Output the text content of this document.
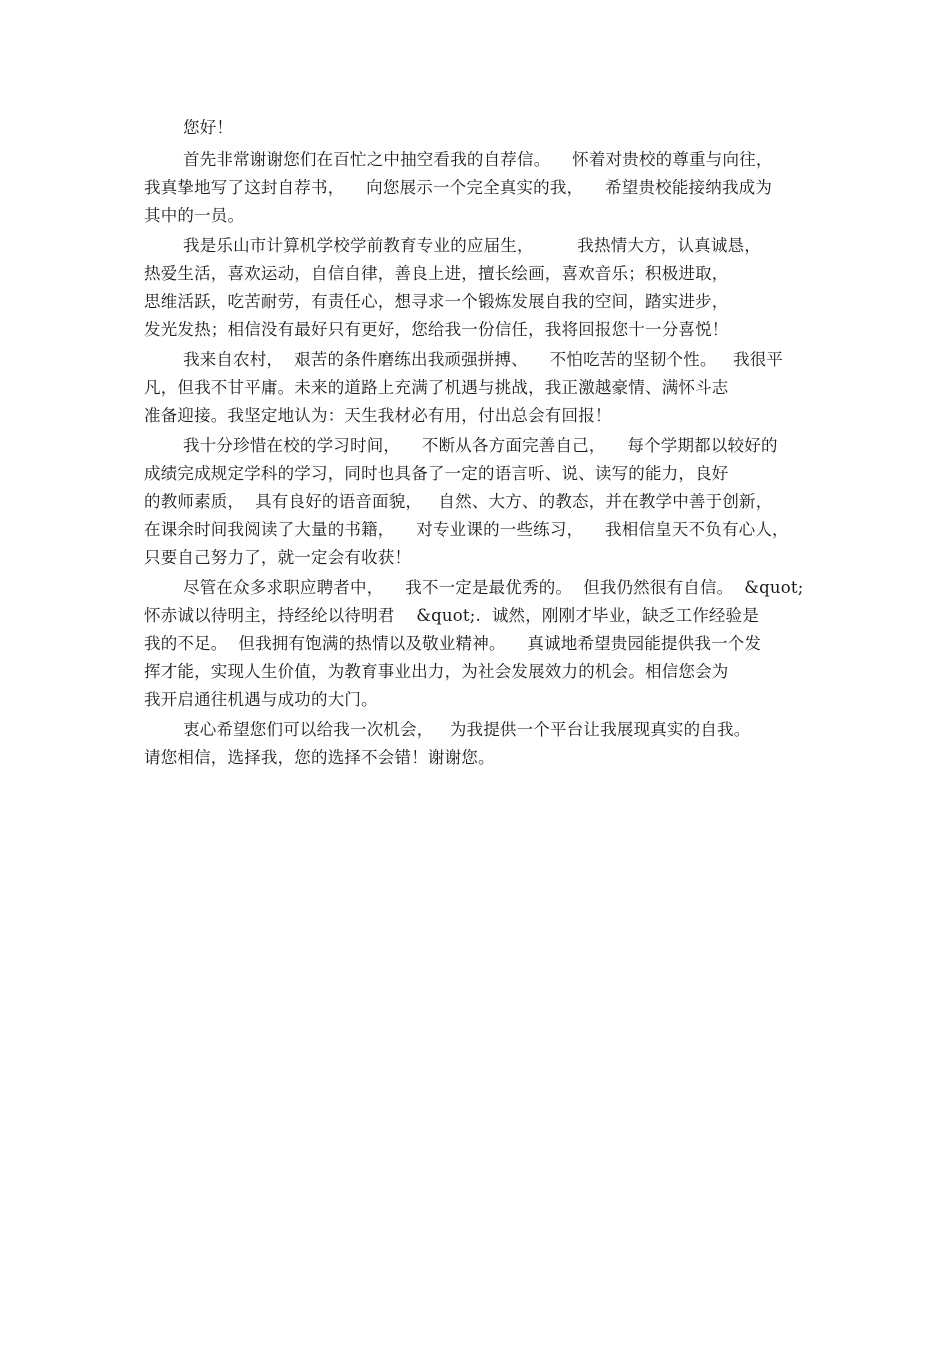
您好！
首先非常谢谢您们在百忙之中抽空看我的自荐信。    怀着对贵校的尊重与向往，
我真挚地写了这封自荐书，    向您展示一个完全真实的我，    希望贵校能接纳我成为
其中的一员。
我是乐山市计算机学校学前教育专业的应届生，        我热情大方，认真诚恳，
热爱生活，喜欢运动，自信自律，善良上进，擅长绘画，喜欢音乐；积极进取，
思维活跃，吃苦耐劳，有责任心，想寻求一个锻炼发展自我的空间，踏实进步，
发光发热；相信没有最好只有更好，您给我一份信任，我将回报您十一分喜悦！
我来自农村，  艰苦的条件磨练出我顽强拼搏、    不怕吃苦的坚韧个性。   我很平
凡，但我不甘平庸。未来的道路上充满了机遇与挑战，我正激越豪情、满怀斗志
准备迎接。我坚定地认为：天生我材必有用，付出总会有回报！
我十分珍惜在校的学习时间，    不断从各方面完善自己，    每个学期都以较好的
成绩完成规定学科的学习，同时也具备了一定的语言听、说、读写的能力，良好
的教师素质，  具有良好的语音面貌，   自然、大方、的教态，并在教学中善于创新，
在课余时间我阅读了大量的书籍，    对专业课的一些练习，    我相信皇天不负有心人，
只要自己努力了，就一定会有收获！
尽管在众多求职应聘者中，    我不一定是最优秀的。  但我仍然很有自信。  &quot;
怀赤诚以待明主，持经纶以待明君    &quot;.  诚然，刚刚才毕业，缺乏工作经验是
我的不足。  但我拥有饱满的热情以及敬业精神。    真诚地希望贵园能提供我一个发
挥才能，实现人生价值，为教育事业出力，为社会发展效力的机会。相信您会为
我开启通往机遇与成功的大门。
衷心希望您们可以给我一次机会，   为我提供一个平台让我展现真实的自我。
请您相信，选择我，您的选择不会错！谢谢您。
